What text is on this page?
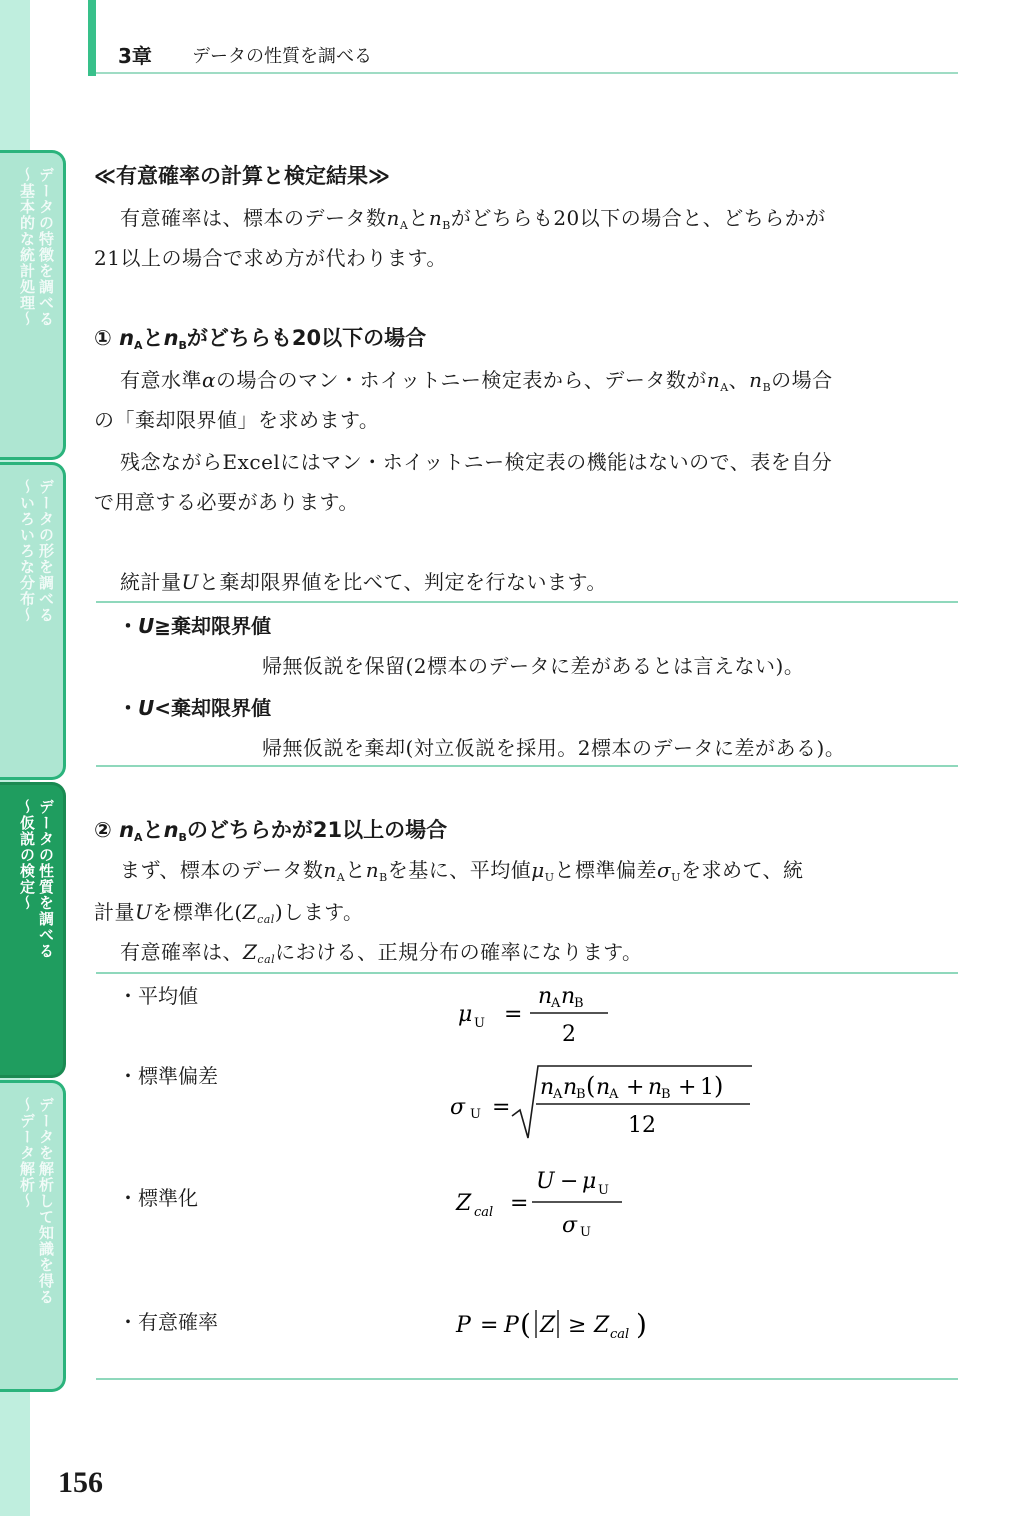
データの特徴を調べる
～基本的な統計処理～
データの形を調べる
～いろいろな分布～
データの性質を調べる
～仮説の検定～
データを解析して知識を得る
～データ解析～
3章 データの性質を調べる
≪有意確率の計算と検定結果≫
有意確率は、標本のデータ数$n_A$と$n_B$がどちらも20以下の場合と、どちらかが
21以上の場合で求め方が代わります。
① $n_A$と$n_B$がどちらも20以下の場合
有意水準αの場合のマン・ホイットニー検定表から、データ数が$n_A$、$n_B$の場合
の「棄却限界値」を求めます。
残念ながらExcelにはマン・ホイットニー検定表の機能はないので、表を自分
で用意する必要があります。
統計量Uと棄却限界値を比べて、判定を行ないます。
・U≧棄却限界値
帰無仮説を保留(2標本のデータに差があるとは言えない)。
・U<棄却限界値
帰無仮説を棄却(対立仮説を採用。2標本のデータに差がある)。
② $n_A$と$n_B$のどちらかが21以上の場合
まず、標本のデータ数$n_A$と$n_B$を基に、平均値$\mu_U$と標準偏差$\sigma_U$を求めて、統
計量Uを標準化$(Z_{cal})$します。
有意確率は、$Z_{cal}$における、正規分布の確率になります。
・平均値
μ U =
n
A n
B
2
・標準偏差
σ U =
n
A n
B ( n
A + n
B + 1 )
12
・標準化	Z cal =
U − μ U
σ U
・有意確率	P = P ( Z ≥ Z cal )
156
